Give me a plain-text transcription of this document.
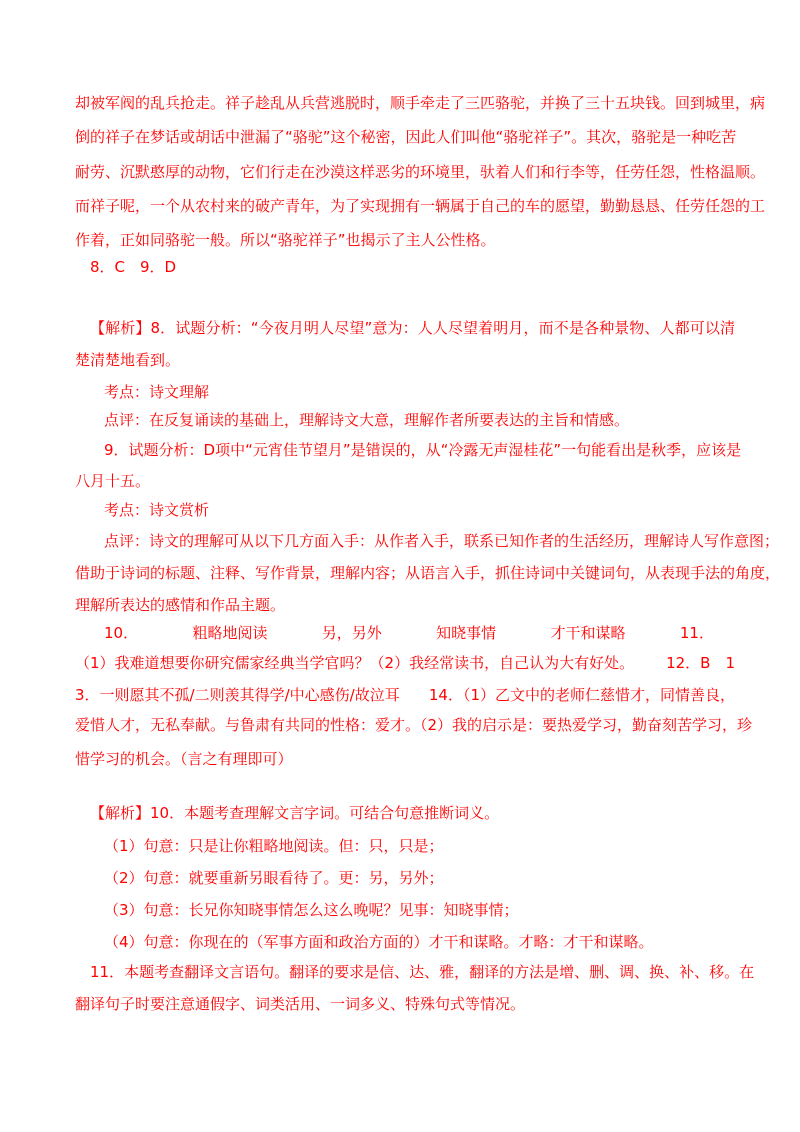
却被军阀的乱兵抢走。祥子趁乱从兵营逃脱时，顺手牵走了三匹骆驼，并换了三十五块钱。回到城里，病
倒的祥子在梦话或胡话中泄漏了“骆驼”这个秘密，因此人们叫他“骆驼祥子”。其次，骆驼是一种吃苦
耐劳、沉默憨厚的动物，它们行走在沙漠这样恶劣的环境里，驮着人们和行李等，任劳任怨，性格温顺。
而祥子呢，一个从农村来的破产青年，为了实现拥有一辆属于自己的车的愿望，勤勤恳恳、任劳任怨的工
作着，正如同骆驼一般。所以“骆驼祥子”也揭示了主人公性格。
8．C　9．D
【解析】8．试题分析：“今夜月明人尽望”意为：人人尽望着明月，而不是各种景物、人都可以清
楚清楚地看到。
考点：诗文理解
点评：在反复诵读的基础上，理解诗文大意，理解作者所要表达的主旨和情感。
9．试题分析：D项中“元宵佳节望月”是错误的，从“冷露无声湿桂花”一句能看出是秋季，应该是
八月十五。
考点：诗文赏析
点评：诗文的理解可从以下几方面入手：从作者入手，联系已知作者的生活经历，理解诗人写作意图；
借助于诗词的标题、注释、写作背景，理解内容；从语言入手，抓住诗词中关键词句，从表现手法的角度，
理解所表达的感情和作品主题。
10．	粗略地阅读	另，另外	知晓事情	才干和谋略	11．
（1）我难道想要你研究儒家经典当学官吗？（2）我经常读书，自己认为大有好处。 12．B　1
3．一则愿其不孤/二则羡其得学/中心感伤/故泣耳 14．（1）乙文中的老师仁慈惜才，同情善良，
爱惜人才，无私奉献。与鲁肃有共同的性格：爱才。（2）我的启示是：要热爱学习，勤奋刻苦学习，珍
惜学习的机会。（言之有理即可）
【解析】10．本题考查理解文言字词。可结合句意推断词义。
（1）句意：只是让你粗略地阅读。但：只，只是；
（2）句意：就要重新另眼看待了。更：另，另外；
（3）句意：长兄你知晓事情怎么这么晚呢？见事：知晓事情；
（4）句意：你现在的（军事方面和政治方面的）才干和谋略。才略：才干和谋略。
11．本题考查翻译文言语句。翻译的要求是信、达、雅，翻译的方法是增、删、调、换、补、移。在
翻译句子时要注意通假字、词类活用、一词多义、特殊句式等情况。
